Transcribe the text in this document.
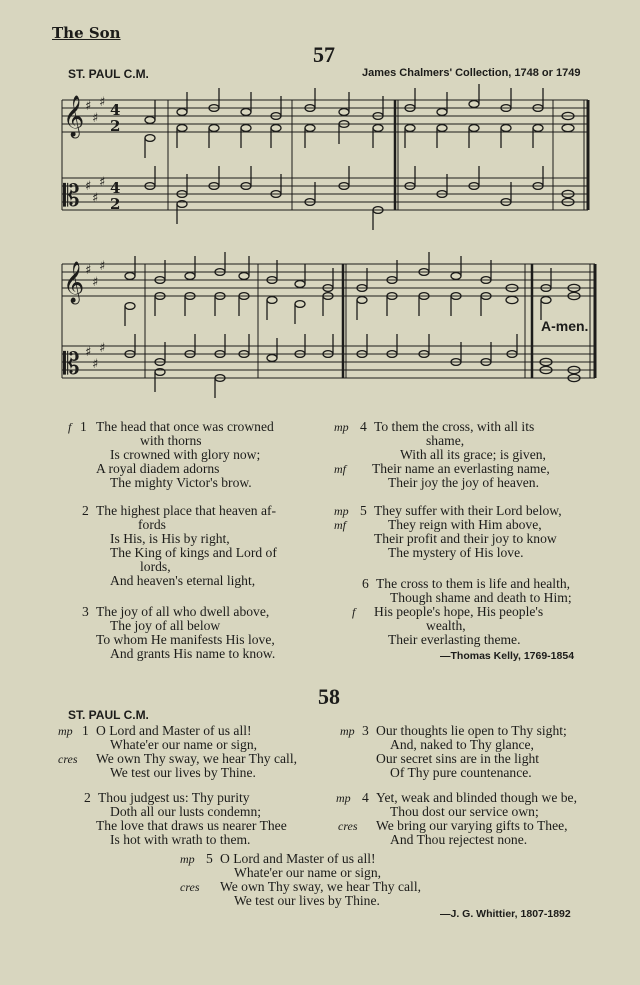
The Son
57
ST. PAUL C.M.	James Chalmers' Collection, 1748 or 1749
𝄞
𝄡
𝄞
𝄡
♯
♯
♯
♯
♯
♯
♯
♯
♯
♯
♯
♯
4
2
4
2
A-men.
f 1 The head that once was crowned
with thorns
Is crowned with glory now;
A royal diadem adorns
The mighty Victor's brow.
2 The highest place that heaven af-
fords
Is His, is His by right,
The King of kings and Lord of
lords,
And heaven's eternal light,
3 The joy of all who dwell above,
The joy of all below
To whom He manifests His love,
And grants His name to know.
mp 4 To them the cross, with all its
shame,
With all its grace; is given,
mf Their name an everlasting name,
Their joy the joy of heaven.
mp 5 They suffer with their Lord below,
mf	They reign with Him above,
Their profit and their joy to know
The mystery of His love.
6 The cross to them is life and health,
Though shame and death to Him;
f His people's hope, His people's
wealth,
Their everlasting theme.
—Thomas Kelly, 1769-1854
58
ST. PAUL C.M.
mp 1 O Lord and Master of us all!
Whate'er our name or sign,
cres We own Thy sway, we hear Thy call,
We test our lives by Thine.
2 Thou judgest us: Thy purity
Doth all our lusts condemn;
The love that draws us nearer Thee
Is hot with wrath to them.
mp 3 Our thoughts lie open to Thy sight;
And, naked to Thy glance,
Our secret sins are in the light
Of Thy pure countenance.
mp 4 Yet, weak and blinded though we be,
Thou dost our service own;
cres We bring our varying gifts to Thee,
And Thou rejectest none.
mp 5 O Lord and Master of us all!
Whate'er our name or sign,
cres We own Thy sway, we hear Thy call,
We test our lives by Thine.
—J. G. Whittier, 1807-1892
